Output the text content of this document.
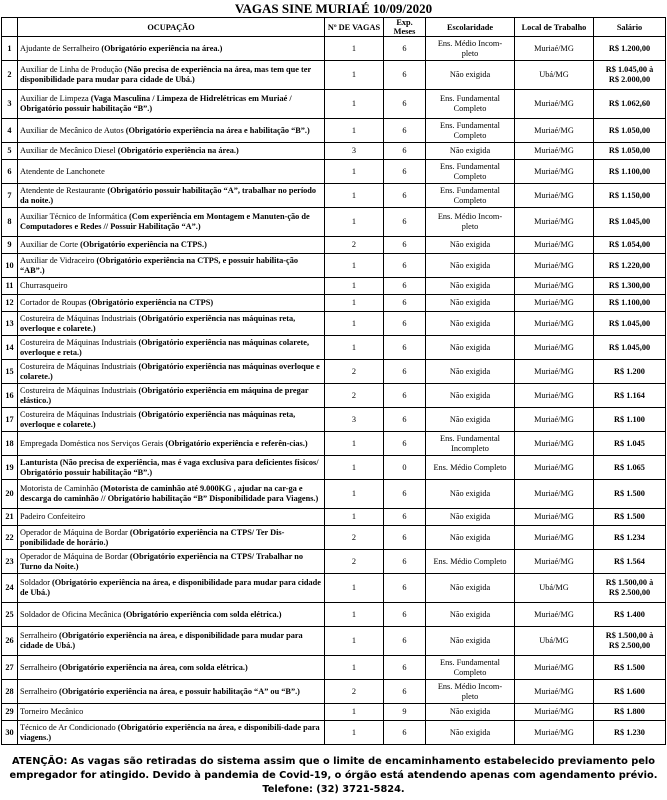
VAGAS SINE MURIAÉ 10/09/2020
	OCUPAÇÃO	Nº DE VAGAS	Exp. Meses	Escolaridade	Local de Trabalho	Salário
1	Ajudante de Serralheiro (Obrigatório experiência na área.)	1	6	Ens. Médio Incom-
pleto	Muriaé/MG	R$ 1.200,00
2	Auxiliar de Linha de Produção (Não precisa de experiência na área, mas tem que ter disponibilidade para mudar para cidade de Ubá.)	1	6	Não exigida	Ubá/MG	R$ 1.045,00 à
R$ 2.000,00
3	Auxiliar de Limpeza (Vaga Masculina / Limpeza de Hidrelétricas em Muriaé / Obrigatório possuir habilitação “B”.)	1	6	Ens. Fundamental
Completo	Muriaé/MG	R$ 1.062,60
4	Auxiliar de Mecânico de Autos (Obrigatório experiência na área e habilitação “B”.)	1	6	Ens. Fundamental
Completo	Muriaé/MG	R$ 1.050,00
5	Auxiliar de Mecânico Diesel (Obrigatório experiência na área.)	3	6	Não exigida	Muriaé/MG	R$ 1.050,00
6	Atendente de Lanchonete	1	6	Ens. Fundamental
Completo	Muriaé/MG	R$ 1.100,00
7	Atendente de Restaurante (Obrigatório possuir habilitação “A”, trabalhar no período da noite.)	1	6	Ens. Fundamental
Completo	Muriaé/MG	R$ 1.150,00
8	Auxiliar Técnico de Informática (Com experiência em Montagem e Manuten-ção de Computadores e Redes // Possuir Habilitação “A”.)	1	6	Ens. Médio Incom-
pleto	Muriaé/MG	R$ 1.045,00
9	Auxiliar de Corte (Obrigatório experiência na CTPS.)	2	6	Não exigida	Muriaé/MG	R$ 1.054,00
10	Auxiliar de Vidraceiro (Obrigatório experiência na CTPS, e possuir habilita-ção “AB”.)	1	6	Não exigida	Muriaé/MG	R$ 1.220,00
11	Churrasqueiro	1	6	Não exigida	Muriaé/MG	R$ 1.300,00
12	Cortador de Roupas (Obrigatório experiência na CTPS)	1	6	Não exigida	Muriaé/MG	R$ 1.100,00
13	Costureira de Máquinas Industriais (Obrigatório experiência nas máquinas reta, overloque e colarete.)	1	6	Não exigida	Muriaé/MG	R$ 1.045,00
14	Costureira de Máquinas Industriais (Obrigatório experiência nas máquinas colarete, overloque e reta.)	1	6	Não exigida	Muriaé/MG	R$ 1.045,00
15	Costureira de Máquinas Industriais (Obrigatório experiência nas máquinas overloque e colarete.)	2	6	Não exigida	Muriaé/MG	R$ 1.200
16	Costureira de Máquinas Industriais (Obrigatório experiência em máquina de pregar elástico.)	2	6	Não exigida	Muriaé/MG	R$ 1.164
17	Costureira de Máquinas Industriais (Obrigatório experiência nas máquinas reta, overloque e colarete.)	3	6	Não exigida	Muriaé/MG	R$ 1.100
18	Empregada Doméstica nos Serviços Gerais (Obrigatório experiência e referên-cias.)	1	6	Ens. Fundamental
Incompleto	Muriaé/MG	R$ 1.045
19	Lanturista (Não precisa de experiência, mas é vaga exclusiva para deficientes físicos/ Obrigatório possuir habilitação “B”.)	1	0	Ens. Médio Completo	Muriaé/MG	R$ 1.065
20	Motorista de Caminhão (Motorista de caminhão até 9.000KG , ajudar na car-ga e descarga do caminhão // Obrigatório habilitação “B” Disponibilidade para Viagens.)	1	6	Não exigida	Muriaé/MG	R$ 1.500
21	Padeiro Confeiteiro	1	6	Não exigida	Muriaé/MG	R$ 1.500
22	Operador de Máquina de Bordar (Obrigatório experiência na CTPS/ Ter Dis-ponibilidade de horário.)	2	6	Não exigida	Muriaé/MG	R$ 1.234
23	Operador de Máquina de Bordar (Obrigatório experiência na CTPS/ Trabalhar no Turno da Noite.)	2	6	Ens. Médio Completo	Muriaé/MG	R$ 1.564
24	Soldador (Obrigatório experiência na área, e disponibilidade para mudar para cidade de Ubá.)	1	6	Não exigida	Ubá/MG	R$ 1.500,00 à
R$ 2.500,00
25	Soldador de Oficina Mecânica (Obrigatório experiência com solda elétrica.)	1	6	Não exigida	Muriaé/MG	R$ 1.400
26	Serralheiro (Obrigatório experiência na área, e disponibilidade para mudar para cidade de Ubá.)	1	6	Não exigida	Ubá/MG	R$ 1.500,00 à
R$ 2.500,00
27	Serralheiro (Obrigatório experiência na área, com solda elétrica.)	1	6	Ens. Fundamental
Completo	Muriaé/MG	R$ 1.500
28	Serralheiro (Obrigatório experiência na área, e possuir habilitação “A” ou “B”.)	2	6	Ens. Médio Incom-
pleto	Muriaé/MG	R$ 1.600
29	Torneiro Mecânico	1	9	Não exigida	Muriaé/MG	R$ 1.800
30	Técnico de Ar Condicionado (Obrigatório experiência na área, e disponibili-dade para viagens.)	1	6	Não exigida	Muriaé/MG	R$ 1.230
ATENÇÃO: As vagas são retiradas do sistema assim que o limite de encaminhamento estabelecido previamento pelo
empregador for atingido. Devido à pandemia de Covid-19, o órgão está atendendo apenas com agendamento prévio.
Telefone: (32) 3721-5824.
